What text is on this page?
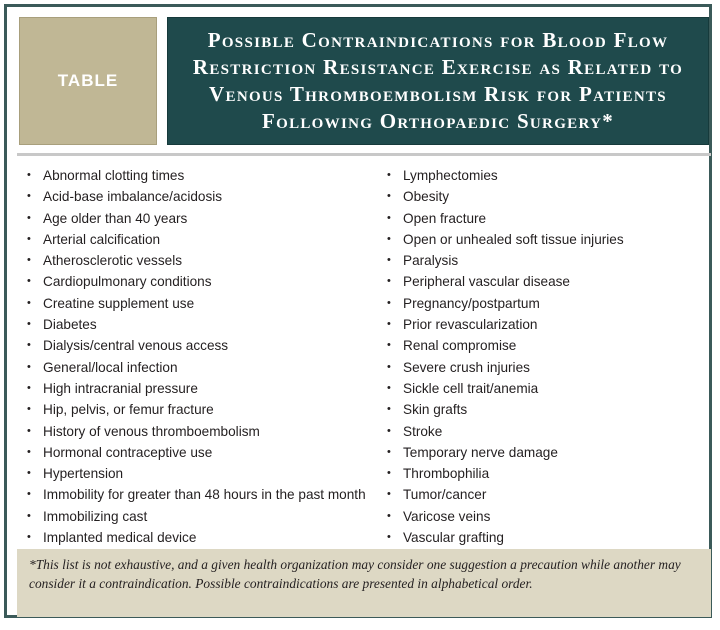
TABLE
Possible Contraindications for Blood Flow Restriction Resistance Exercise as Related to Venous Thromboembolism Risk for Patients Following Orthopaedic Surgery*
• Abnormal clotting times
• Acid-base imbalance/acidosis
• Age older than 40 years
• Arterial calcification
• Atherosclerotic vessels
• Cardiopulmonary conditions
• Creatine supplement use
• Diabetes
• Dialysis/central venous access
• General/local infection
• High intracranial pressure
• Hip, pelvis, or femur fracture
• History of venous thromboembolism
• Hormonal contraceptive use
• Hypertension
• Immobility for greater than 48 hours in the past month
• Immobilizing cast
• Implanted medical device
• Lymphectomies
• Obesity
• Open fracture
• Open or unhealed soft tissue injuries
• Paralysis
• Peripheral vascular disease
• Pregnancy/postpartum
• Prior revascularization
• Renal compromise
• Severe crush injuries
• Sickle cell trait/anemia
• Skin grafts
• Stroke
• Temporary nerve damage
• Thrombophilia
• Tumor/cancer
• Varicose veins
• Vascular grafting

*This list is not exhaustive, and a given health organization may consider one suggestion a precaution while another may consider it a contraindication. Possible contraindications are presented in alphabetical order.
